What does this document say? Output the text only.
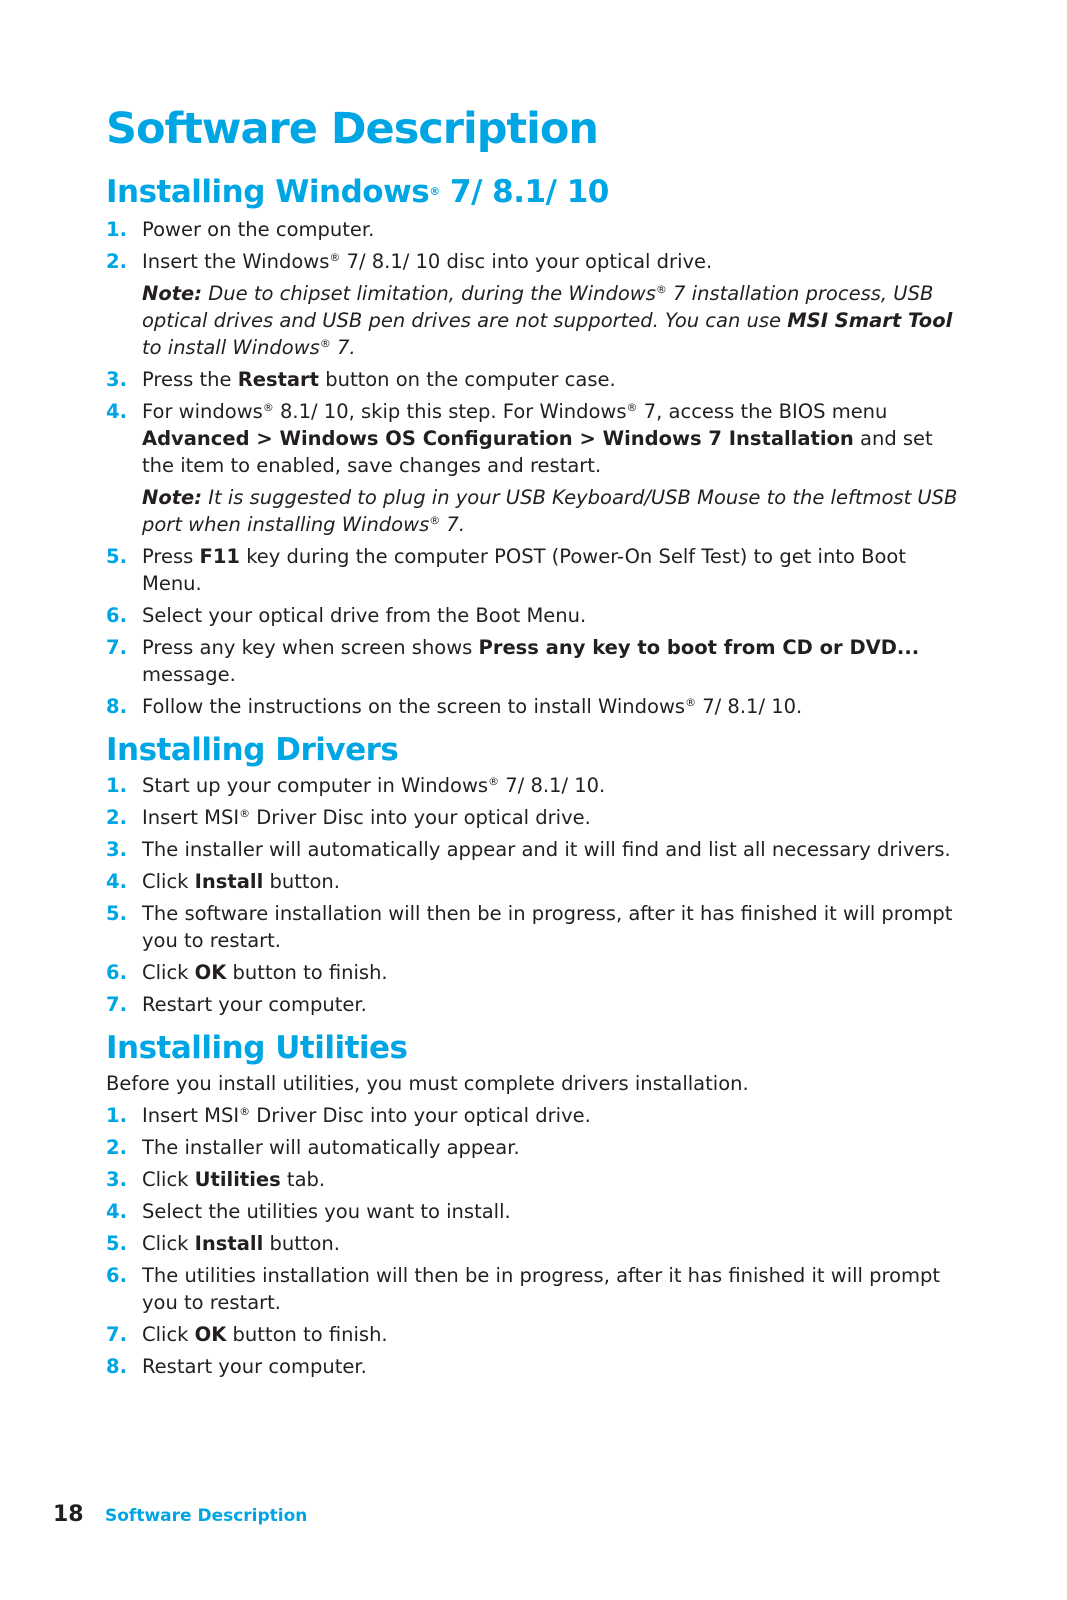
Software Description
Installing Windows® 7/ 8.1/ 10
1. Power on the computer.
2. Insert the Windows® 7/ 8.1/ 10 disc into your optical drive.
Note: Due to chipset limitation, during the Windows® 7 installation process, USB optical drives and USB pen drives are not supported. You can use MSI Smart Tool to install Windows® 7.
3. Press the Restart button on the computer case.
4. For windows® 8.1/ 10, skip this step. For Windows® 7, access the BIOS menu Advanced > Windows OS Configuration > Windows 7 Installation and set the item to enabled, save changes and restart.
Note: It is suggested to plug in your USB Keyboard/USB Mouse to the leftmost USB port when installing Windows® 7.
5. Press F11 key during the computer POST (Power-On Self Test) to get into Boot Menu.
6. Select your optical drive from the Boot Menu.
7. Press any key when screen shows Press any key to boot from CD or DVD... message.
8. Follow the instructions on the screen to install Windows® 7/ 8.1/ 10.
Installing Drivers
1. Start up your computer in Windows® 7/ 8.1/ 10.
2. Insert MSI® Driver Disc into your optical drive.
3. The installer will automatically appear and it will find and list all necessary drivers.
4. Click Install button.
5. The software installation will then be in progress, after it has finished it will prompt you to restart.
6. Click OK button to finish.
7. Restart your computer.
Installing Utilities
Before you install utilities, you must complete drivers installation.
1. Insert MSI® Driver Disc into your optical drive.
2. The installer will automatically appear.
3. Click Utilities tab.
4. Select the utilities you want to install.
5. Click Install button.
6. The utilities installation will then be in progress, after it has finished it will prompt you to restart.
7. Click OK button to finish.
8. Restart your computer.
18	Software Description
